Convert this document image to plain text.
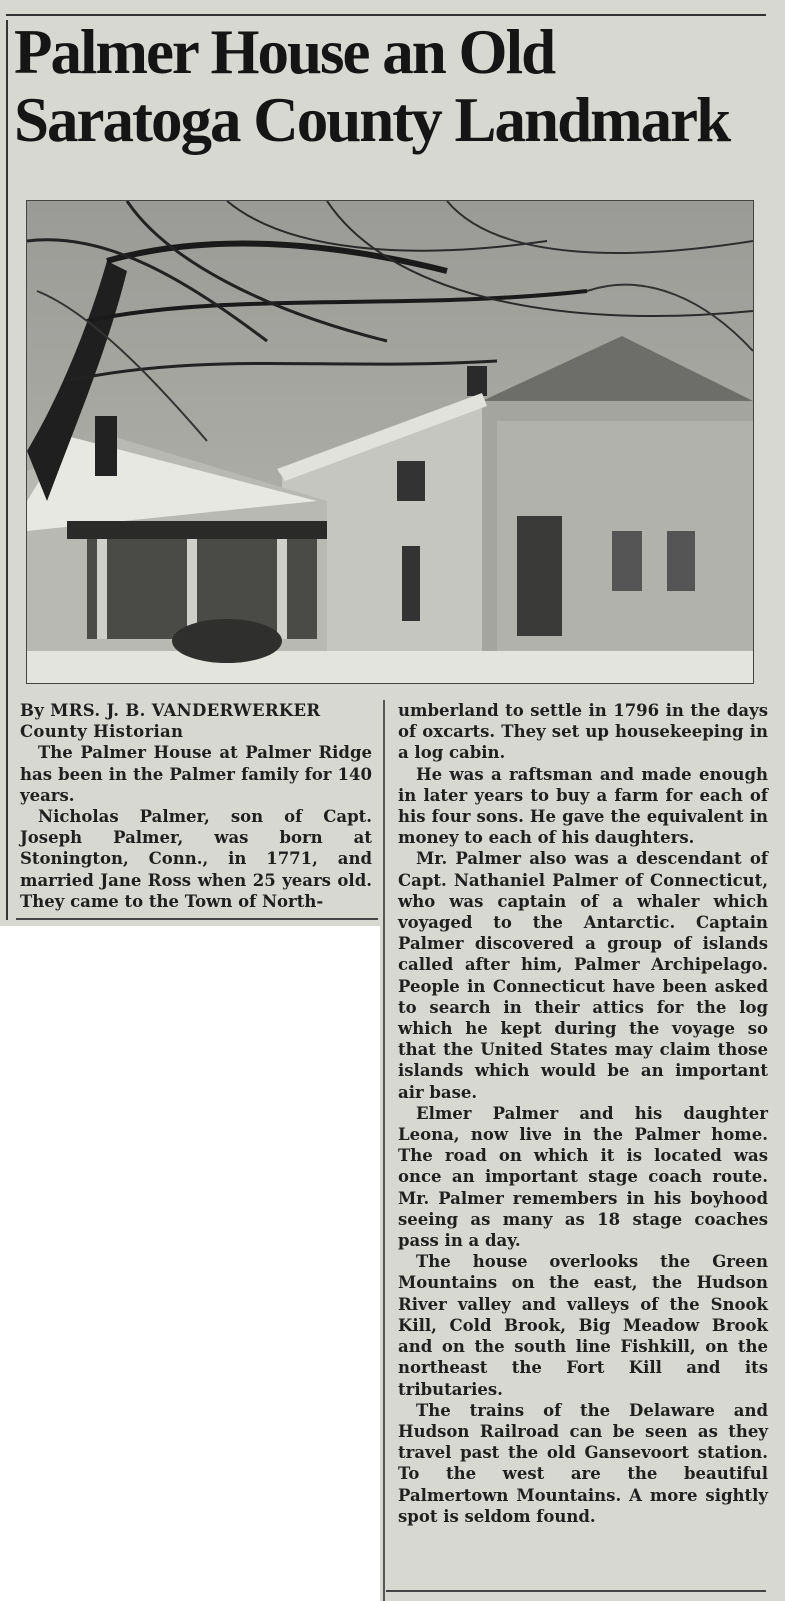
Palmer House an Old
Saratoga County Landmark

By MRS. J. B. VANDERWERKER

County Historian

The Palmer House at Palmer Ridge has been in the Palmer family for 140 years.

Nicholas Palmer, son of Capt. Joseph Palmer, was born at Stonington, Conn., in 1771, and married Jane Ross when 25 years old. They came to the Town of North-

umberland to settle in 1796 in the days of oxcarts. They set up housekeeping in a log cabin.

He was a raftsman and made enough in later years to buy a farm for each of his four sons. He gave the equivalent in money to each of his daughters.

Mr. Palmer also was a descendant of Capt. Nathaniel Palmer of Connecticut, who was captain of a whaler which voyaged to the Antarctic. Captain Palmer discovered a group of islands called after him, Palmer Archipelago. People in Connecticut have been asked to search in their attics for the log which he kept during the voyage so that the United States may claim those islands which would be an important air base.

Elmer Palmer and his daughter Leona, now live in the Palmer home. The road on which it is located was once an important stage coach route. Mr. Palmer remembers in his boyhood seeing as many as 18 stage coaches pass in a day.

The house overlooks the Green Mountains on the east, the Hudson River valley and valleys of the Snook Kill, Cold Brook, Big Meadow Brook and on the south line Fishkill, on the northeast the Fort Kill and its tributaries.

The trains of the Delaware and Hudson Railroad can be seen as they travel past the old Gansevoort station. To the west are the beautiful Palmertown Mountains. A more sightly spot is seldom found.
